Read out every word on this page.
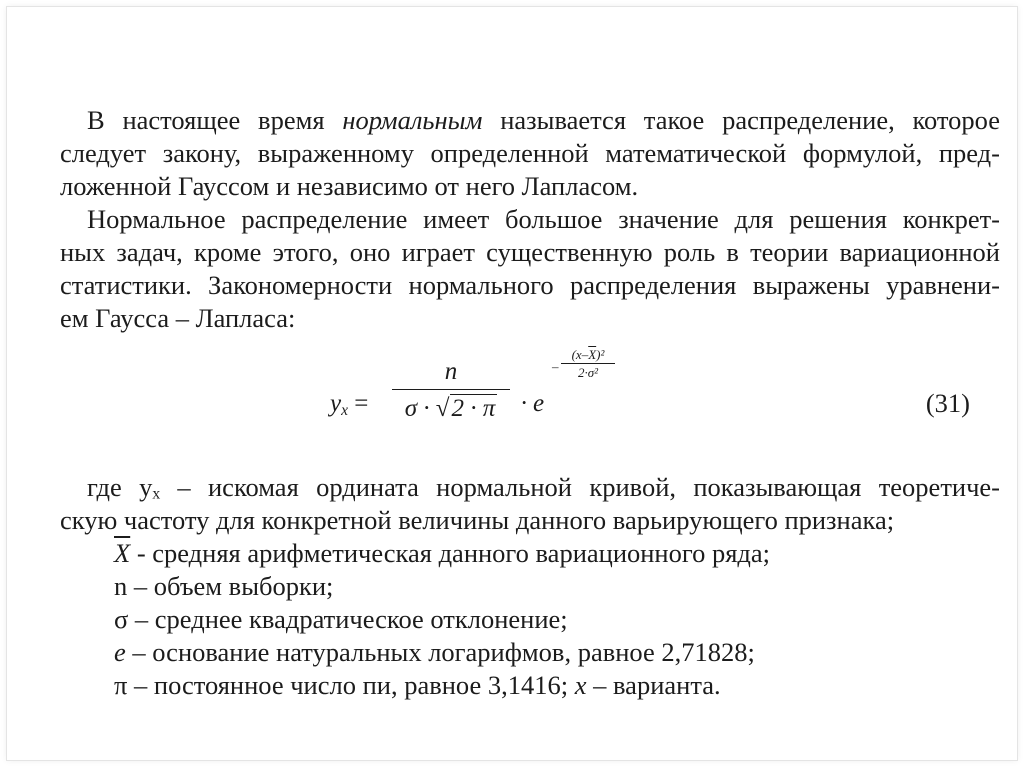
В настоящее время нормальным называется такое распределение, которое
следует закону, выраженному определенной математической формулой, пред-
ложенной Гауссом и независимо от него Лапласом.
Нормальное распределение имеет большое значение для решения конкрет-
ных задач, кроме этого, оно играет существенную роль в теории вариационной
статистики. Закономерности нормального распределения выражены уравнени-
ем Гаусса – Лапласа:
yx =
n
σ · √2 · π · e
–
$(x-\overline{X})^2$
2·σ²
(31)
где yₓ – искомая ордината нормальной кривой, показывающая теоретиче-
скую частоту для конкретной величины данного варьирующего признака;
$\overline{X}$ - средняя арифметическая данного вариационного ряда;
n – объем выборки;
σ – среднее квадратическое отклонение;
e – основание натуральных логарифмов, равное 2,71828;
π – постоянное число пи, равное 3,1416; x – варианта.
